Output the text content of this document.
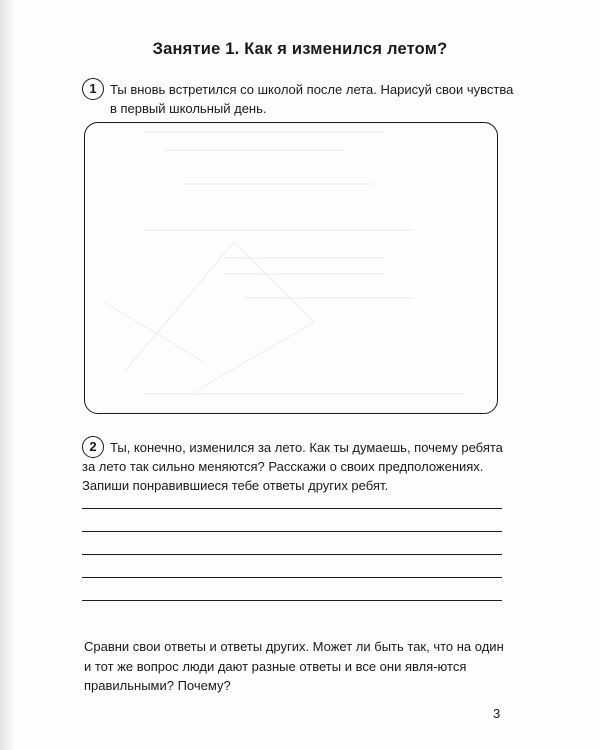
Занятие 1. Как я изменился летом?
1	Ты вновь встретился со школой после лета. Нарисуй свои чувства
в первый школьный день.
2	Ты, конечно, изменился за лето. Как ты думаешь, почему ребята
за лето так сильно меняются? Расскажи о своих предположениях.
Запиши понравившиеся тебе ответы других ребят.
Сравни свои ответы и ответы других. Может ли быть так, что на один и тот же вопрос люди дают разные ответы и все они явля-ются правильными? Почему?
3
